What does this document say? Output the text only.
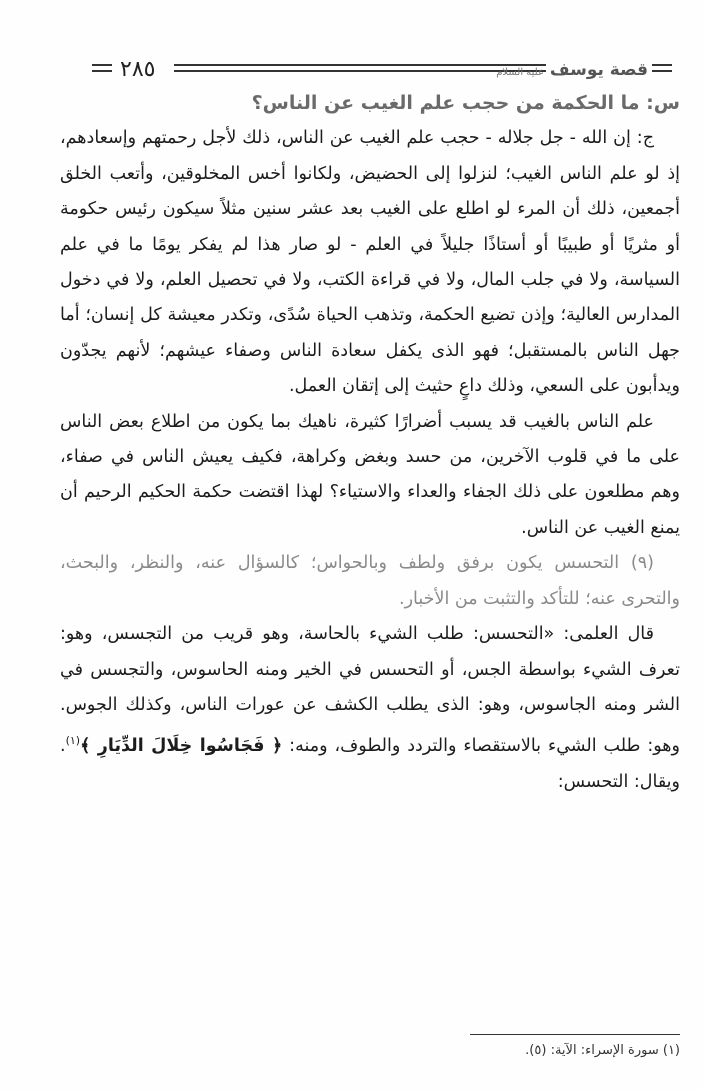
٢٨٥	قصة يوسف عليه السلام

س: ما الحكمة من حجب علم الغيب عن الناس؟

ج: إن الله - جل جلاله - حجب علم الغيب عن الناس، ذلك لأجل رحمتهم وإسعادهم، إذ لو علم الناس الغيب؛ لنزلوا إلى الحضيض، ولكانوا أخس المخلوقين، وأتعب الخلق أجمعين، ذلك أن المرء لو اطلع على الغيب بعد عشر سنين مثلاً سيكون رئيس حكومة أو مثريًا أو طبيبًا أو أستاذًا جليلاً في العلم - لو صار هذا لم يفكر يومًا ما في علم السياسة، ولا في جلب المال، ولا في قراءة الكتب، ولا في تحصيل العلم، ولا في دخول المدارس العالية؛ وإذن تضيع الحكمة، وتذهب الحياة سُدًى، وتكدر معيشة كل إنسان؛ أما جهل الناس بالمستقبل؛ فهو الذى يكفل سعادة الناس وصفاء عيشهم؛ لأنهم يجدّون ويدأبون على السعي، وذلك داعٍ حثيث إلى إتقان العمل.

علم الناس بالغيب قد يسبب أضرارًا كثيرة، ناهيك بما يكون من اطلاع بعض الناس على ما في قلوب الآخرين، من حسد وبغض وكراهة، فكيف يعيش الناس في صفاء، وهم مطلعون على ذلك الجفاء والعداء والاستياء؟ لهذا اقتضت حكمة الحكيم الرحيم أن يمنع الغيب عن الناس.

(٩) التحسس يكون برفق ولطف وبالحواس؛ كالسؤال عنه، والنظر، والبحث، والتحرى عنه؛ للتأكد والتثبت من الأخبار.

قال العلمى: «التحسس: طلب الشيء بالحاسة، وهو قريب من التجسس، وهو: تعرف الشيء بواسطة الجس، أو التحسس في الخير ومنه الحاسوس، والتجسس في الشر ومنه الجاسوس، وهو: الذى يطلب الكشف عن عورات الناس، وكذلك الجوس. وهو: طلب الشيء بالاستقصاء والتردد والطوف، ومنه: ﴿ فَجَاسُوا خِلَالَ الدِّيَارِ ﴾$^{(١)}$. ويقال: التحسس:

(١) سورة الإسراء: الآية: (٥).
